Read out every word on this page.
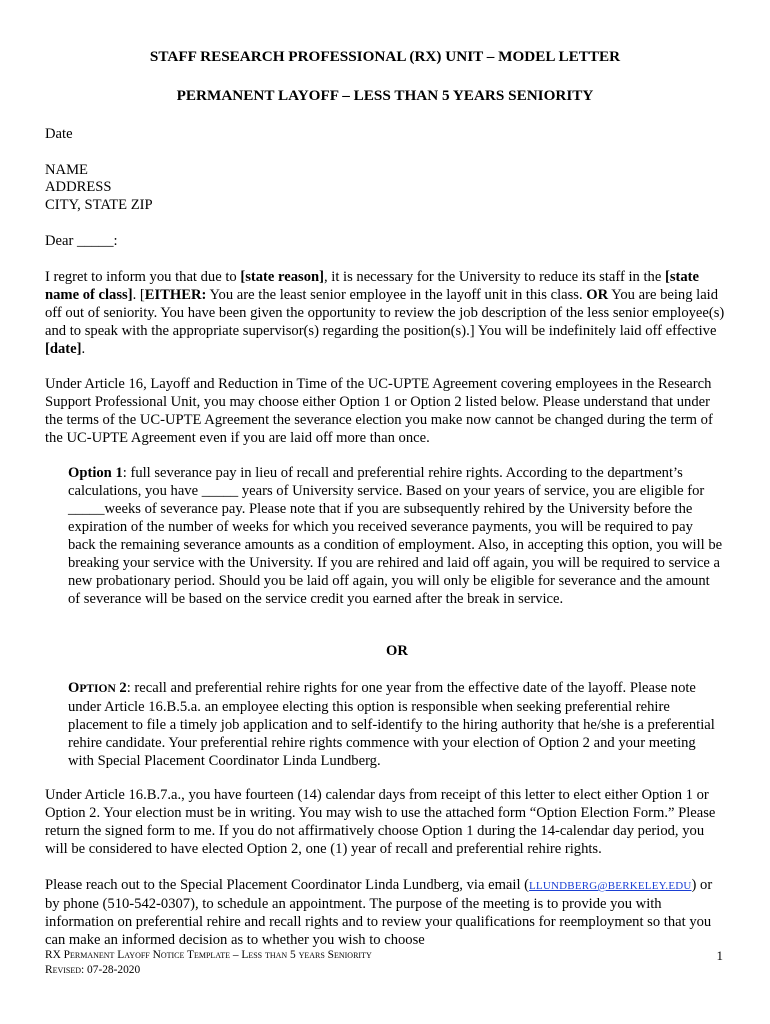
STAFF RESEARCH PROFESSIONAL (RX) UNIT – MODEL LETTER
PERMANENT LAYOFF – LESS THAN 5 YEARS SENIORITY
Date
NAME
ADDRESS
CITY, STATE ZIP
Dear _____:
I regret to inform you that due to [state reason], it is necessary for the University to reduce its staff in the [state name of class]. [EITHER: You are the least senior employee in the layoff unit in this class. OR You are being laid off out of seniority. You have been given the opportunity to review the job description of the less senior employee(s) and to speak with the appropriate supervisor(s) regarding the position(s).] You will be indefinitely laid off effective [date].
Under Article 16, Layoff and Reduction in Time of the UC-UPTE Agreement covering employees in the Research Support Professional Unit, you may choose either Option 1 or Option 2 listed below. Please understand that under the terms of the UC-UPTE Agreement the severance election you make now cannot be changed during the term of the UC-UPTE Agreement even if you are laid off more than once.
Option 1: full severance pay in lieu of recall and preferential rehire rights. According to the department’s calculations, you have _____ years of University service. Based on your years of service, you are eligible for _____weeks of severance pay. Please note that if you are subsequently rehired by the University before the expiration of the number of weeks for which you received severance payments, you will be required to pay back the remaining severance amounts as a condition of employment. Also, in accepting this option, you will be breaking your service with the University. If you are rehired and laid off again, you will be required to service a new probationary period. Should you be laid off again, you will only be eligible for severance and the amount of severance will be based on the service credit you earned after the break in service.
OR
OPTION 2: recall and preferential rehire rights for one year from the effective date of the layoff. Please note under Article 16.B.5.a. an employee electing this option is responsible when seeking preferential rehire placement to file a timely job application and to self-identify to the hiring authority that he/she is a preferential rehire candidate. Your preferential rehire rights commence with your election of Option 2 and your meeting with Special Placement Coordinator Linda Lundberg.
Under Article 16.B.7.a., you have fourteen (14) calendar days from receipt of this letter to elect either Option 1 or Option 2. Your election must be in writing. You may wish to use the attached form “Option Election Form.” Please return the signed form to me. If you do not affirmatively choose Option 1 during the 14-calendar day period, you will be considered to have elected Option 2, one (1) year of recall and preferential rehire rights.
Please reach out to the Special Placement Coordinator Linda Lundberg, via email (LLUNDBERG@BERKELEY.EDU) or by phone (510-542-0307), to schedule an appointment. The purpose of the meeting is to provide you with information on preferential rehire and recall rights and to review your qualifications for reemployment so that you can make an informed decision as to whether you wish to choose
RX Permanent Layoff Notice Template – Less than 5 years Seniority
Revised: 07-28-2020
1
